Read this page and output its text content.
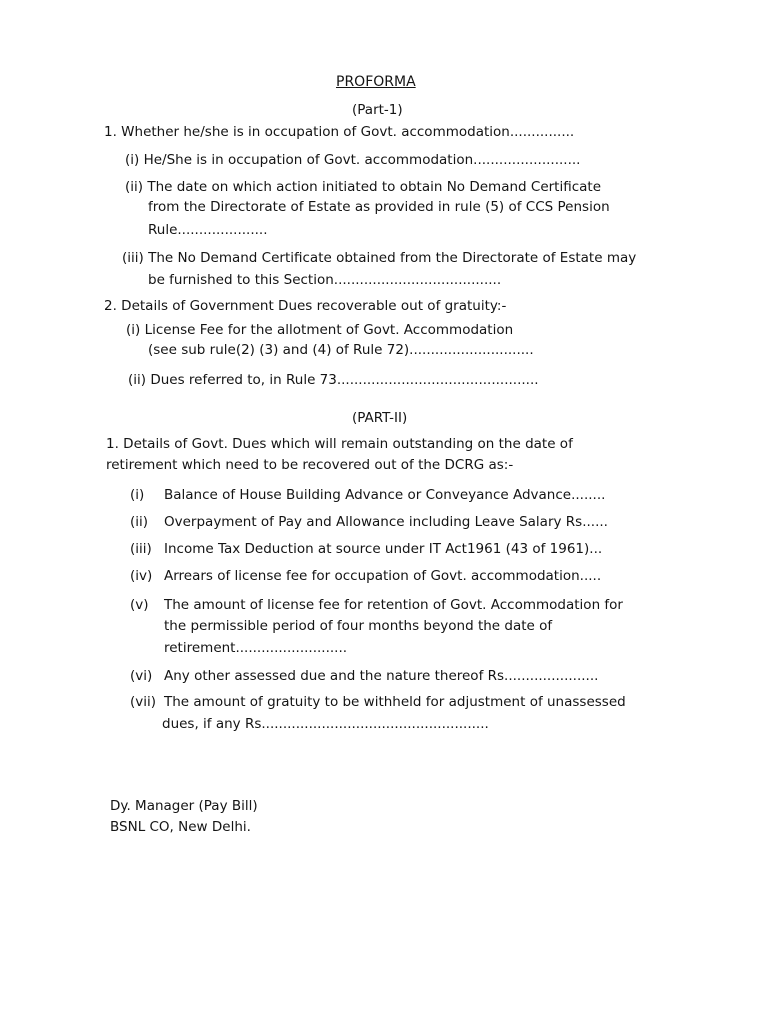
PROFORMA
(Part-1)
1. Whether he/she is in occupation of Govt. accommodation...............
(i) He/She is in occupation of Govt. accommodation.........................
(ii) The date on which action initiated to obtain No Demand Certificate
from the Directorate of Estate as provided in rule (5) of CCS Pension
Rule.....................
(iii) The No Demand Certificate obtained from the Directorate of Estate may
be furnished to this Section.......................................
2. Details of Government Dues recoverable out of gratuity:-
(i) License Fee for the allotment of Govt. Accommodation
(see sub rule(2) (3) and (4) of Rule 72).............................
(ii) Dues referred to, in Rule 73...............................................
(PART-II)
1. Details of Govt. Dues which will remain outstanding on the date of
retirement which need to be recovered out of the DCRG as:-
(i) Balance of House Building Advance or Conveyance Advance........
(ii) Overpayment of Pay and Allowance including Leave Salary Rs......
(iii) Income Tax Deduction at source under IT Act1961 (43 of 1961)...
(iv) Arrears of license fee for occupation of Govt. accommodation.....
(v) The amount of license fee for retention of Govt. Accommodation for
the permissible period of four months beyond the date of
retirement..........................
(vi) Any other assessed due and the nature thereof Rs......................
(vii) The amount of gratuity to be withheld for adjustment of unassessed
dues, if any Rs.....................................................
Dy. Manager (Pay Bill)
BSNL CO, New Delhi.
